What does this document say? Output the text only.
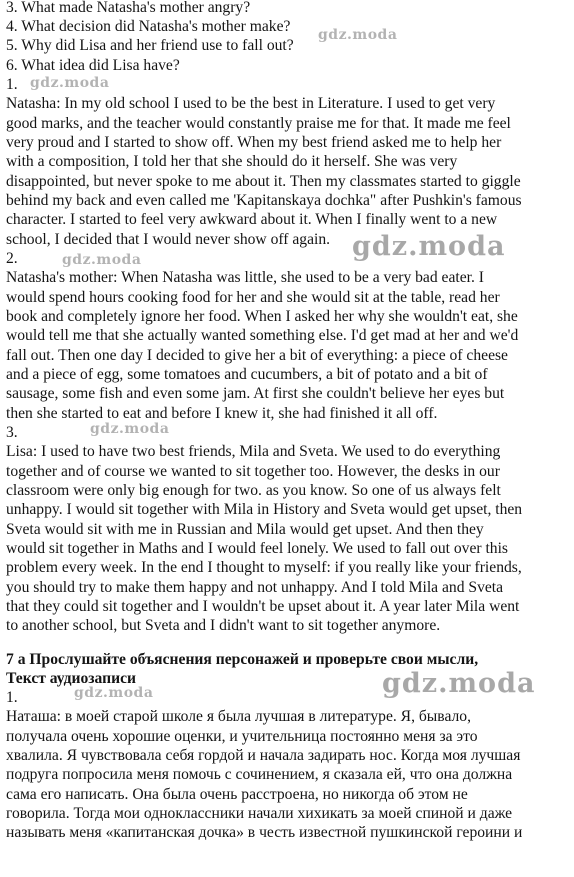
3. What made Natasha's mother angry?
4. What decision did Natasha's mother make?
5. Why did Lisa and her friend use to fall out?
6. What idea did Lisa have?
1.
Natasha: In my old school I used to be the best in Literature. I used to get very
good marks, and the teacher would constantly praise me for that. It made me feel
very proud and I started to show off. When my best friend asked me to help her
with a composition, I told her that she should do it herself. She was very
disappointed, but never spoke to me about it. Then my classmates started to giggle
behind my back and even called me 'Kapitanskaya dochka" after Pushkin's famous
character. I started to feel very awkward about it. When I finally went to a new
school, I decided that I would never show off again.
2.
Natasha's mother: When Natasha was little, she used to be a very bad eater. I
would spend hours cooking food for her and she would sit at the table, read her
book and completely ignore her food. When I asked her why she wouldn't eat, she
would tell me that she actually wanted something else. I'd get mad at her and we'd
fall out. Then one day I decided to give her a bit of everything: a piece of cheese
and a piece of egg, some tomatoes and cucumbers, a bit of potato and a bit of
sausage, some fish and even some jam. At first she couldn't believe her eyes but
then she started to eat and before I knew it, she had finished it all off.
3.
Lisa: I used to have two best friends, Mila and Sveta. We used to do everything
together and of course we wanted to sit together too. However, the desks in our
classroom were only big enough for two. as you know. So one of us always felt
unhappy. I would sit together with Mila in History and Sveta would get upset, then
Sveta would sit with me in Russian and Mila would get upset. And then they
would sit together in Maths and I would feel lonely. We used to fall out over this
problem every week. In the end I thought to myself: if you really like your friends,
you should try to make them happy and not unhappy. And I told Mila and Sveta
that they could sit together and I wouldn't be upset about it. A year later Mila went
to another school, but Sveta and I didn't want to sit together anymore.
7 а Прослушайте объяснения персонажей и проверьте свои мысли,
Текст аудиозаписи
1.
Наташа: в моей старой школе я была лучшая в литературе. Я, бывало,
получала очень хорошие оценки, и учительница постоянно меня за это
хвалила. Я чувствовала себя гордой и начала задирать нос. Когда моя лучшая
подруга попросила меня помочь с сочинением, я сказала ей, что она должна
сама его написать. Она была очень расстроена, но никогда об этом не
говорила. Тогда мои одноклассники начали хихикать за моей спиной и даже
называть меня «капитанская дочка» в честь известной пушкинской героини и
gdz.moda
gdz.moda
gdz.moda
gdz.moda
gdz.moda
gdz.moda
gdz.moda
